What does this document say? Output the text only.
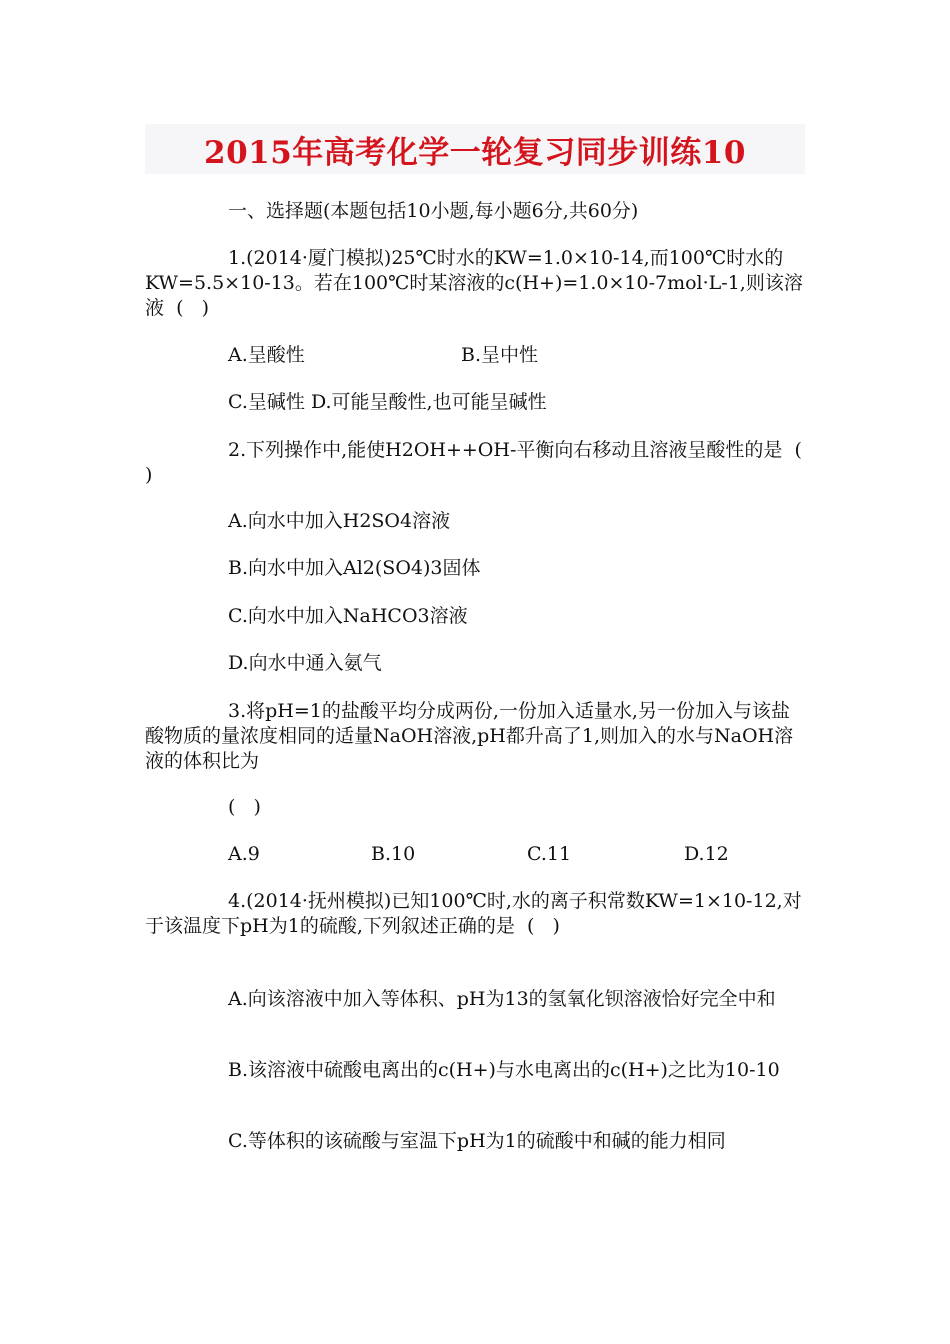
2015年高考化学一轮复习同步训练10

一、选择题(本题包括10小题,每小题6分,共60分)

1.(2014·厦门模拟)25℃时水的KW=1.0×10-14,而100℃时水的KW=5.5×10-13。若在100℃时某溶液的c(H+)=1.0×10-7mol·L-1,则该溶液  (   )

A.呈酸性	B.呈中性
C.呈碱性 D.可能呈酸性,也可能呈碱性

2.下列操作中,能使H2OH++OH-平衡向右移动且溶液呈酸性的是  (   )

A.向水中加入H2SO4溶液
B.向水中加入Al2(SO4)3固体
C.向水中加入NaHCO3溶液
D.向水中通入氨气

3.将pH=1的盐酸平均分成两份,一份加入适量水,另一份加入与该盐酸物质的量浓度相同的适量NaOH溶液,pH都升高了1,则加入的水与NaOH溶液的体积比为

(   )
A.9	B.10	C.11	D.12

4.(2014·抚州模拟)已知100℃时,水的离子积常数KW=1×10-12,对于该温度下pH为1的硫酸,下列叙述正确的是  (   )

A.向该溶液中加入等体积、pH为13的氢氧化钡溶液恰好完全中和

B.该溶液中硫酸电离出的c(H+)与水电离出的c(H+)之比为10-10

C.等体积的该硫酸与室温下pH为1的硫酸中和碱的能力相同
